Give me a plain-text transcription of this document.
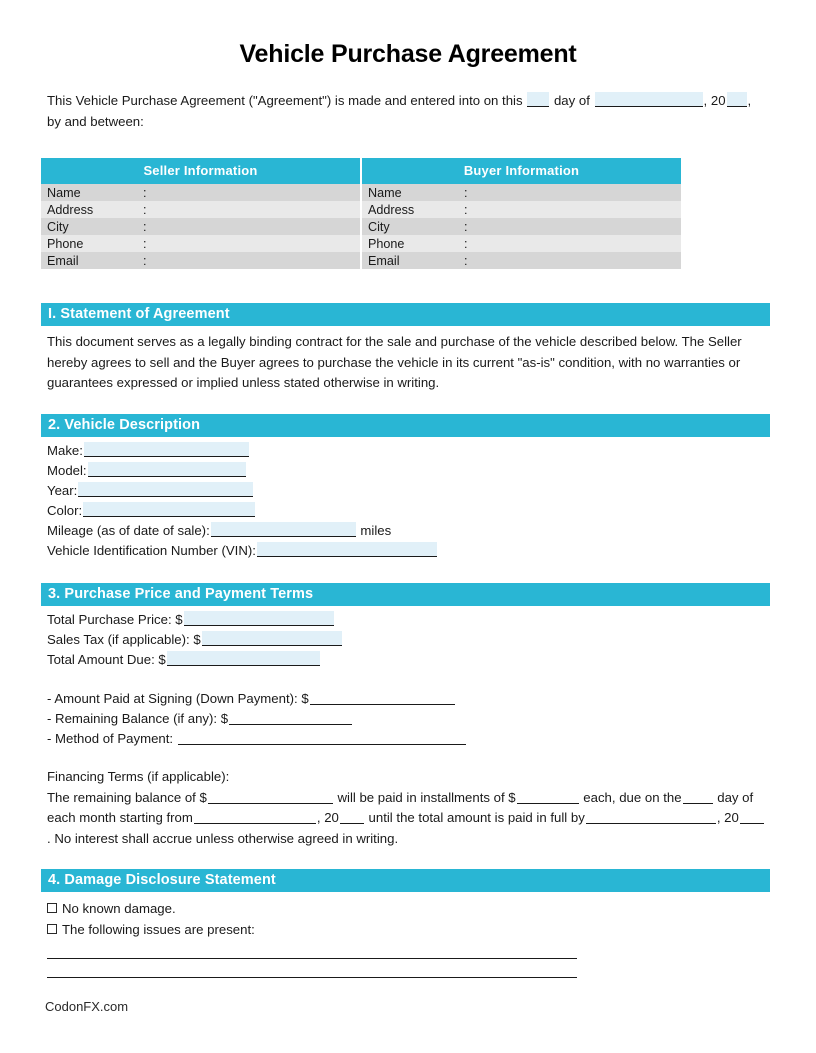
Vehicle Purchase Agreement
This Vehicle Purchase Agreement ("Agreement") is made and entered into on this day of	, 20 ,
by and between:
Seller Information
Name	:
Address	:
City	:
Phone	:
Email	:
Buyer Information
Name	:
Address	:
City	:
Phone	:
Email	:
I. Statement of Agreement
This document serves as a legally binding contract for the sale and purchase of the vehicle described below. The Seller hereby agrees to sell and the Buyer agrees to purchase the vehicle in its current "as-is" condition, with no warranties or guarantees expressed or implied unless stated otherwise in writing.
2. Vehicle Description
Make:
Model:
Year:
Color:
Mileage (as of date of sale):	miles
Vehicle Identification Number (VIN):
3. Purchase Price and Payment Terms
Total Purchase Price: $
Sales Tax (if applicable): $
Total Amount Due: $
- Amount Paid at Signing (Down Payment): $
- Remaining Balance (if any): $
- Method of Payment:
Financing Terms (if applicable):
The remaining balance of $	will be paid in installments of $	each, due on the	day of each month starting from	, 20 until the total amount is paid in full by	, 20. No interest shall accrue unless otherwise agreed in writing.
4. Damage Disclosure Statement
No known damage.
The following issues are present:
CodonFX.com
